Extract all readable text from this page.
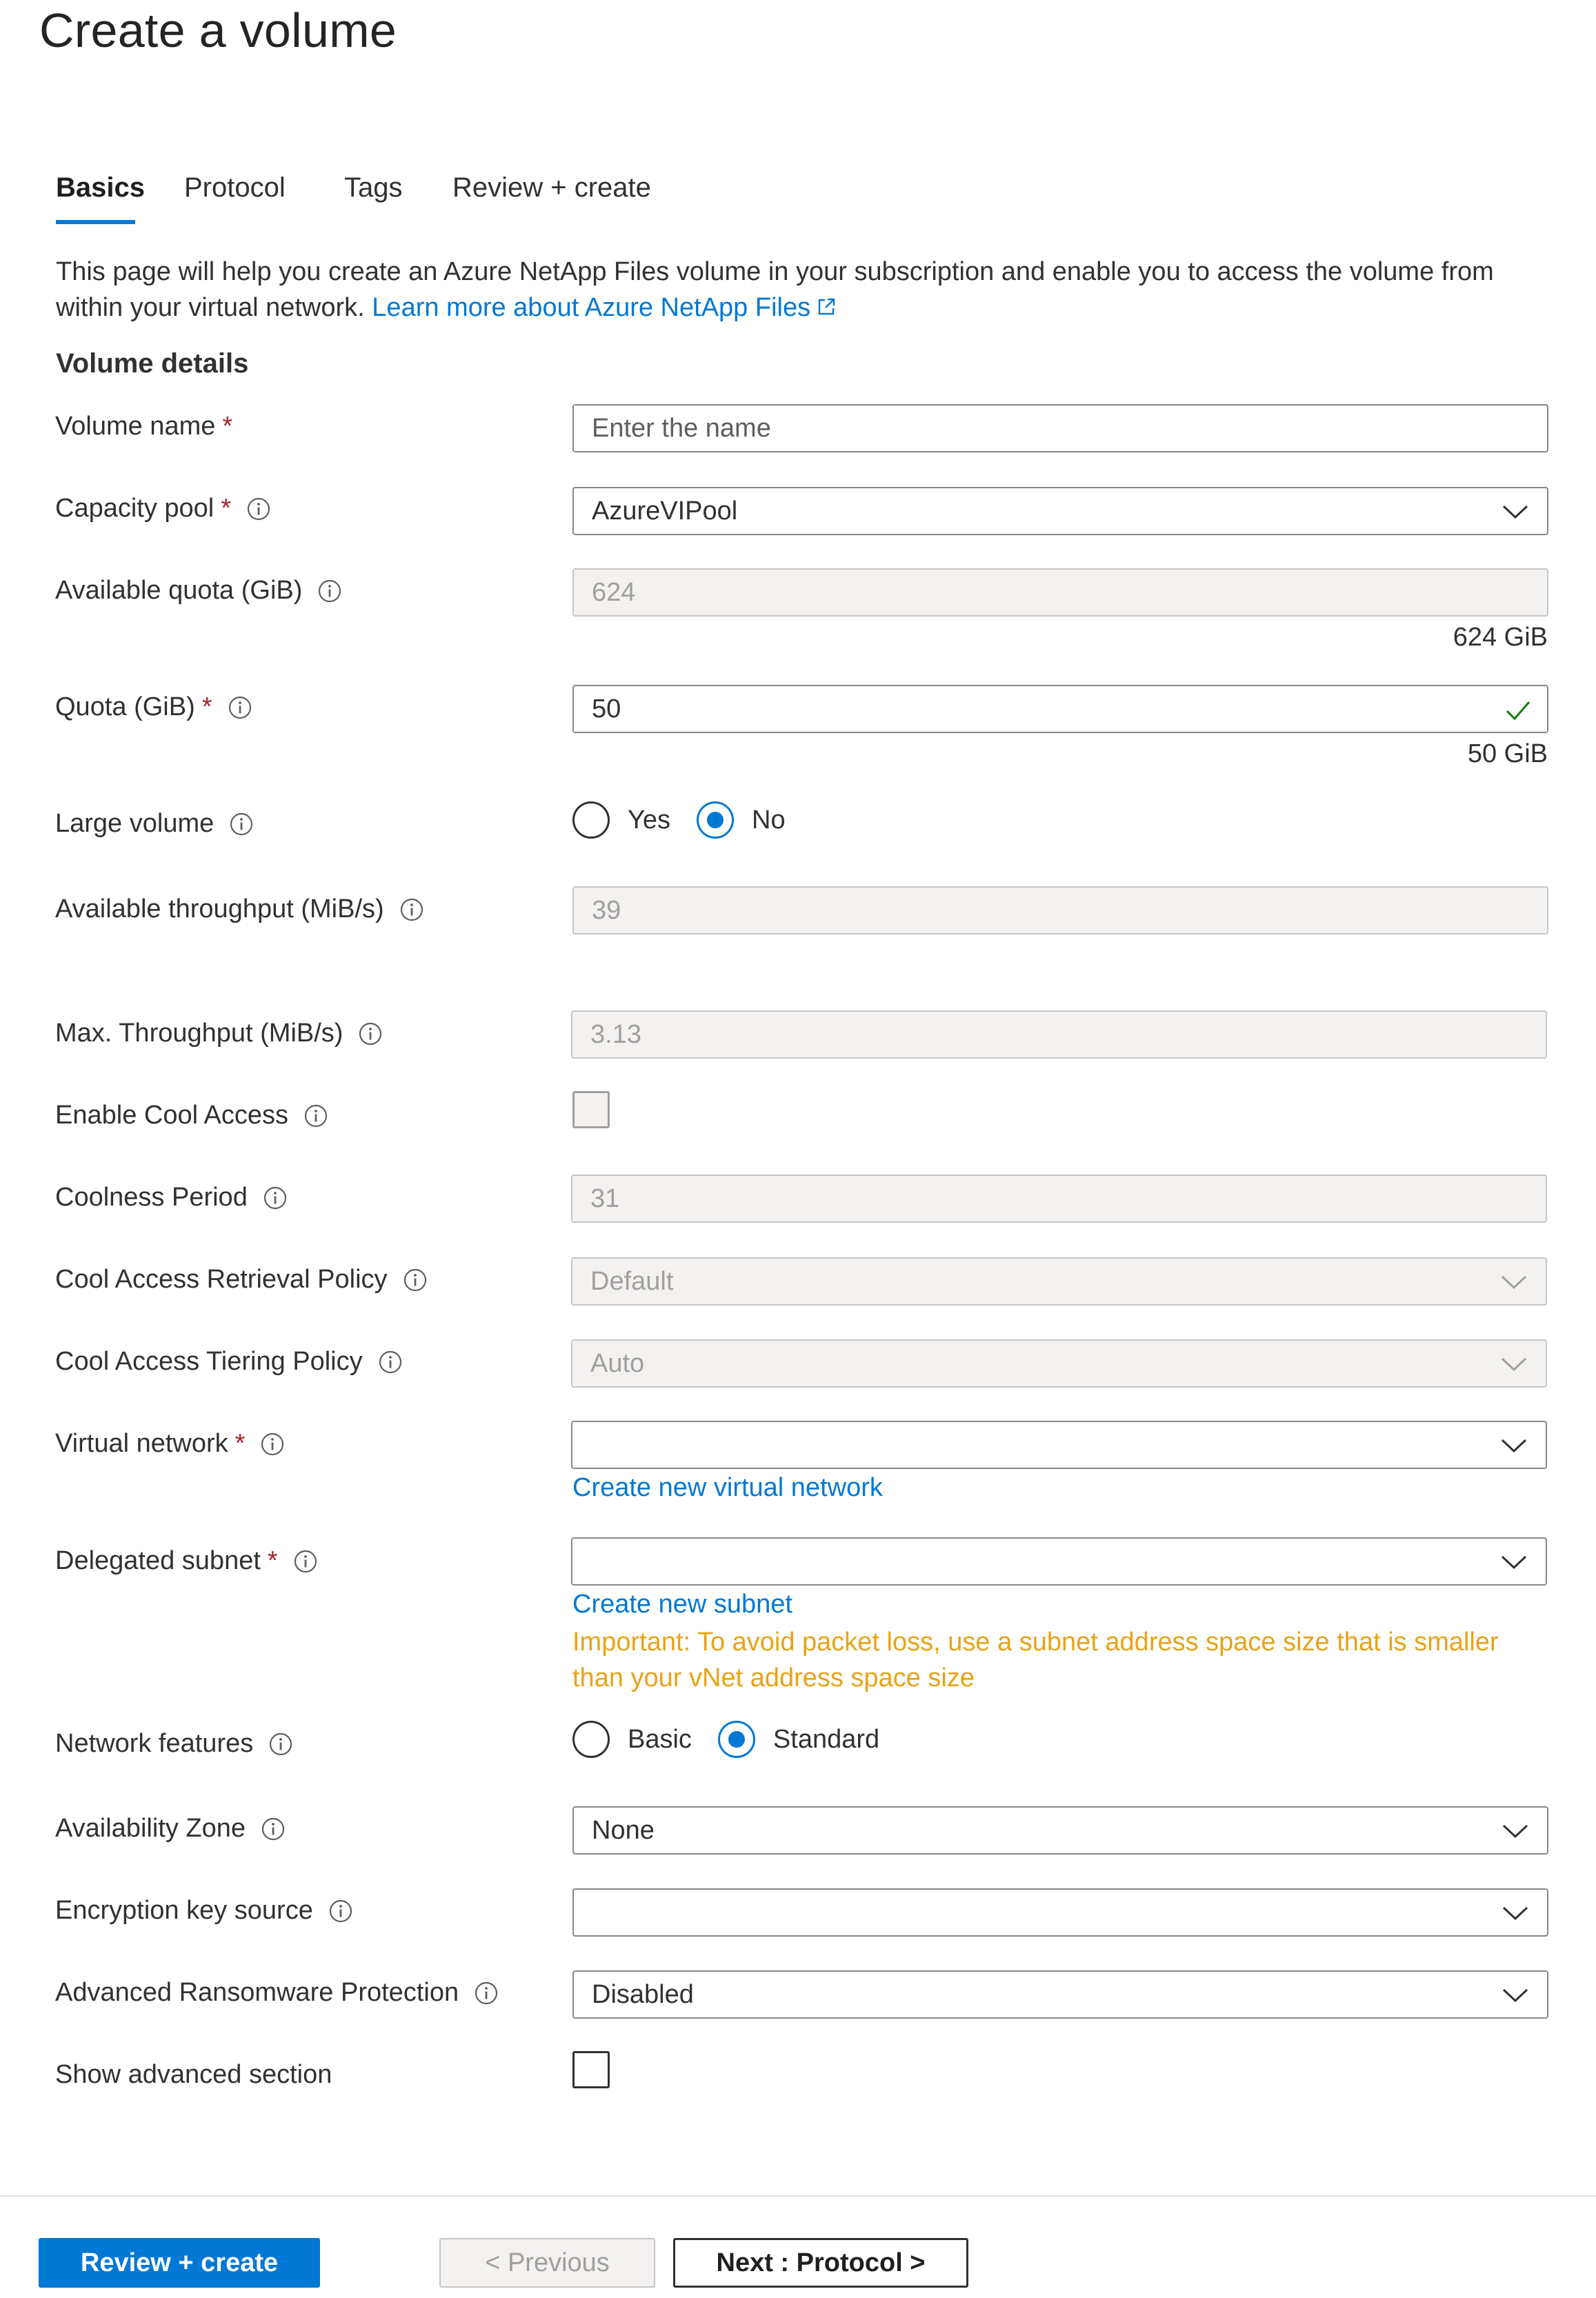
Create a volume
Basics Protocol Tags Review + create
This page will help you create an Azure NetApp Files volume in your subscription and enable you to access the volume from within your virtual network. Learn more about Azure NetApp Files
Volume details
Volume name *	Enter the name
Capacity pool *	AzureVIPool
Available quota (GiB)	624
624 GiB
Quota (GiB) *	50
50 GiB
Large volume	Yes	No
Available throughput (MiB/s)	39
Max. Throughput (MiB/s)	3.13
Enable Cool Access
Coolness Period	31
Cool Access Retrieval Policy	Default
Cool Access Tiering Policy	Auto
Virtual network *
Create new virtual network
Delegated subnet *
Create new subnet
Important: To avoid packet loss, use a subnet address space size that is smaller than your vNet address space size
Network features	Basic	Standard
Availability Zone	None
Encryption key source
Advanced Ransomware Protection	Disabled
Show advanced section
Review + create	< Previous	Next : Protocol >
